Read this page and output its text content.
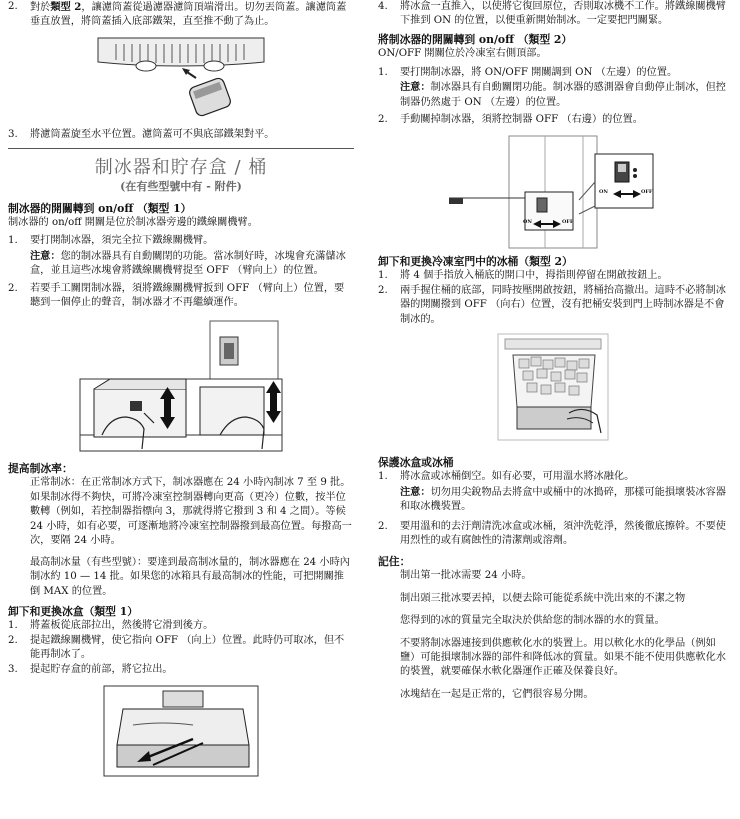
2. 對於類型 2，讓濾筒蓋從過濾器濾筒頂端滑出。切勿丟筒蓋。讓濾筒蓋垂直放置，將筒蓋插入底部鐵架，直至推不動了為止。

3. 將濾筒蓋旋至水平位置。濾筒蓋可不與底部鐵架對平。

制冰器和貯存盒 / 桶
(在有些型號中有 - 附件)
制冰器的開關轉到 on/off （類型 1）

制冰器的 on/off 開關是位於制冰器旁邊的鐵線關機臂。

1. 要打開制冰器，須完全拉下鐵線關機臂。

注意：您的制冰器具有自動關閉的功能。當冰制好時，冰塊會充滿儲冰盒，並且這些冰塊會將鐵線關機臂提至 OFF （臂向上）的位置。

2. 若要手工關閉制冰器，須將鐵線關機臂扳到 OFF （臂向上）位置，要聽到一個停止的聲音，制冰器才不再繼續運作。

提高制冰率：

正常制冰：在正常制冰方式下，制冰器應在 24 小時內制冰 7 至 9 批。如果制冰得不夠快，可將冷凍室控制器轉向更高（更冷）位數，按半位數轉（例如，若控制器指標向 3，那就得將它撥到 3 和 4 之間）。等候 24 小時，如有必要，可逐漸地將冷凍室控制器撥到最高位置。每撥高一次，要隔 24 小時。

最高制冰量（有些型號）：要達到最高制冰量的，制冰器應在 24 小時內制冰約 10 — 14 批。如果您的冰箱具有最高制冰的性能，可把開關推倒 MAX 的位置。

卸下和更換冰盒（類型 1）

1. 將蓋板從底部拉出，然後將它滑到後方。

2. 提起鐵線關機臂，使它指向 OFF （向上）位置。此時仍可取冰，但不能再制冰了。

3. 提起貯存盒的前部，將它拉出。

4. 將冰盒一直推入，以使將它復回原位，否則取冰機不工作。將鐵線關機臂下推到 ON 的位置，以便重新開始制冰。一定要把門關緊。

將制冰器的開關轉到 on/off （類型 2）

ON/OFF 開關位於冷凍室右側頂部。

1. 要打開制冰器，將 ON/OFF 開關調到 ON （左邊）的位置。

注意：制冰器具有自動關閉功能。制冰器的感測器會自動停止制冰，但控制器仍然處于 ON （左邊）的位置。

2. 手動關掉制冰器，須將控制器 OFF （右邊）的位置。

ON	OFF
ON	OFF
卸下和更換冷凍室門中的冰桶（類型 2）

1. 將 4 個手指放入桶底的開口中，拇指則停留在開啟按鈕上。

2. 兩手握住桶的底部，同時按壓開啟按鈕，將桶抬高撤出。這時不必將制冰器的開關撥到 OFF （向右）位置，沒有把桶安裝到門上時制冰器是不會制冰的。

保護冰盒或冰桶

1. 將冰盒或冰桶倒空。如有必要，可用溫水將冰融化。

注意：切勿用尖銳物品去將盒中或桶中的冰搗碎，那樣可能損壞裝冰容器和取冰機裝置。

2. 要用溫和的去汙劑清洗冰盒或冰桶，須沖洗乾淨，然後徹底擦幹。不要使用烈性的或有腐蝕性的清潔劑或溶劑。

記住：

制出第一批冰需要 24 小時。

制出頭三批冰要丟掉，以便去除可能從系統中洗出來的不潔之物

您得到的冰的質量完全取決於供給您的制冰器的水的質量。

不要將制冰器連接到供應軟化水的裝置上。用以軟化水的化學品（例如鹽）可能損壞制冰器的部件和降低冰的質量。如果不能不使用供應軟化水的裝置，就要確保水軟化器運作正確及保養良好。

冰塊結在一起是正常的，它們很容易分開。
